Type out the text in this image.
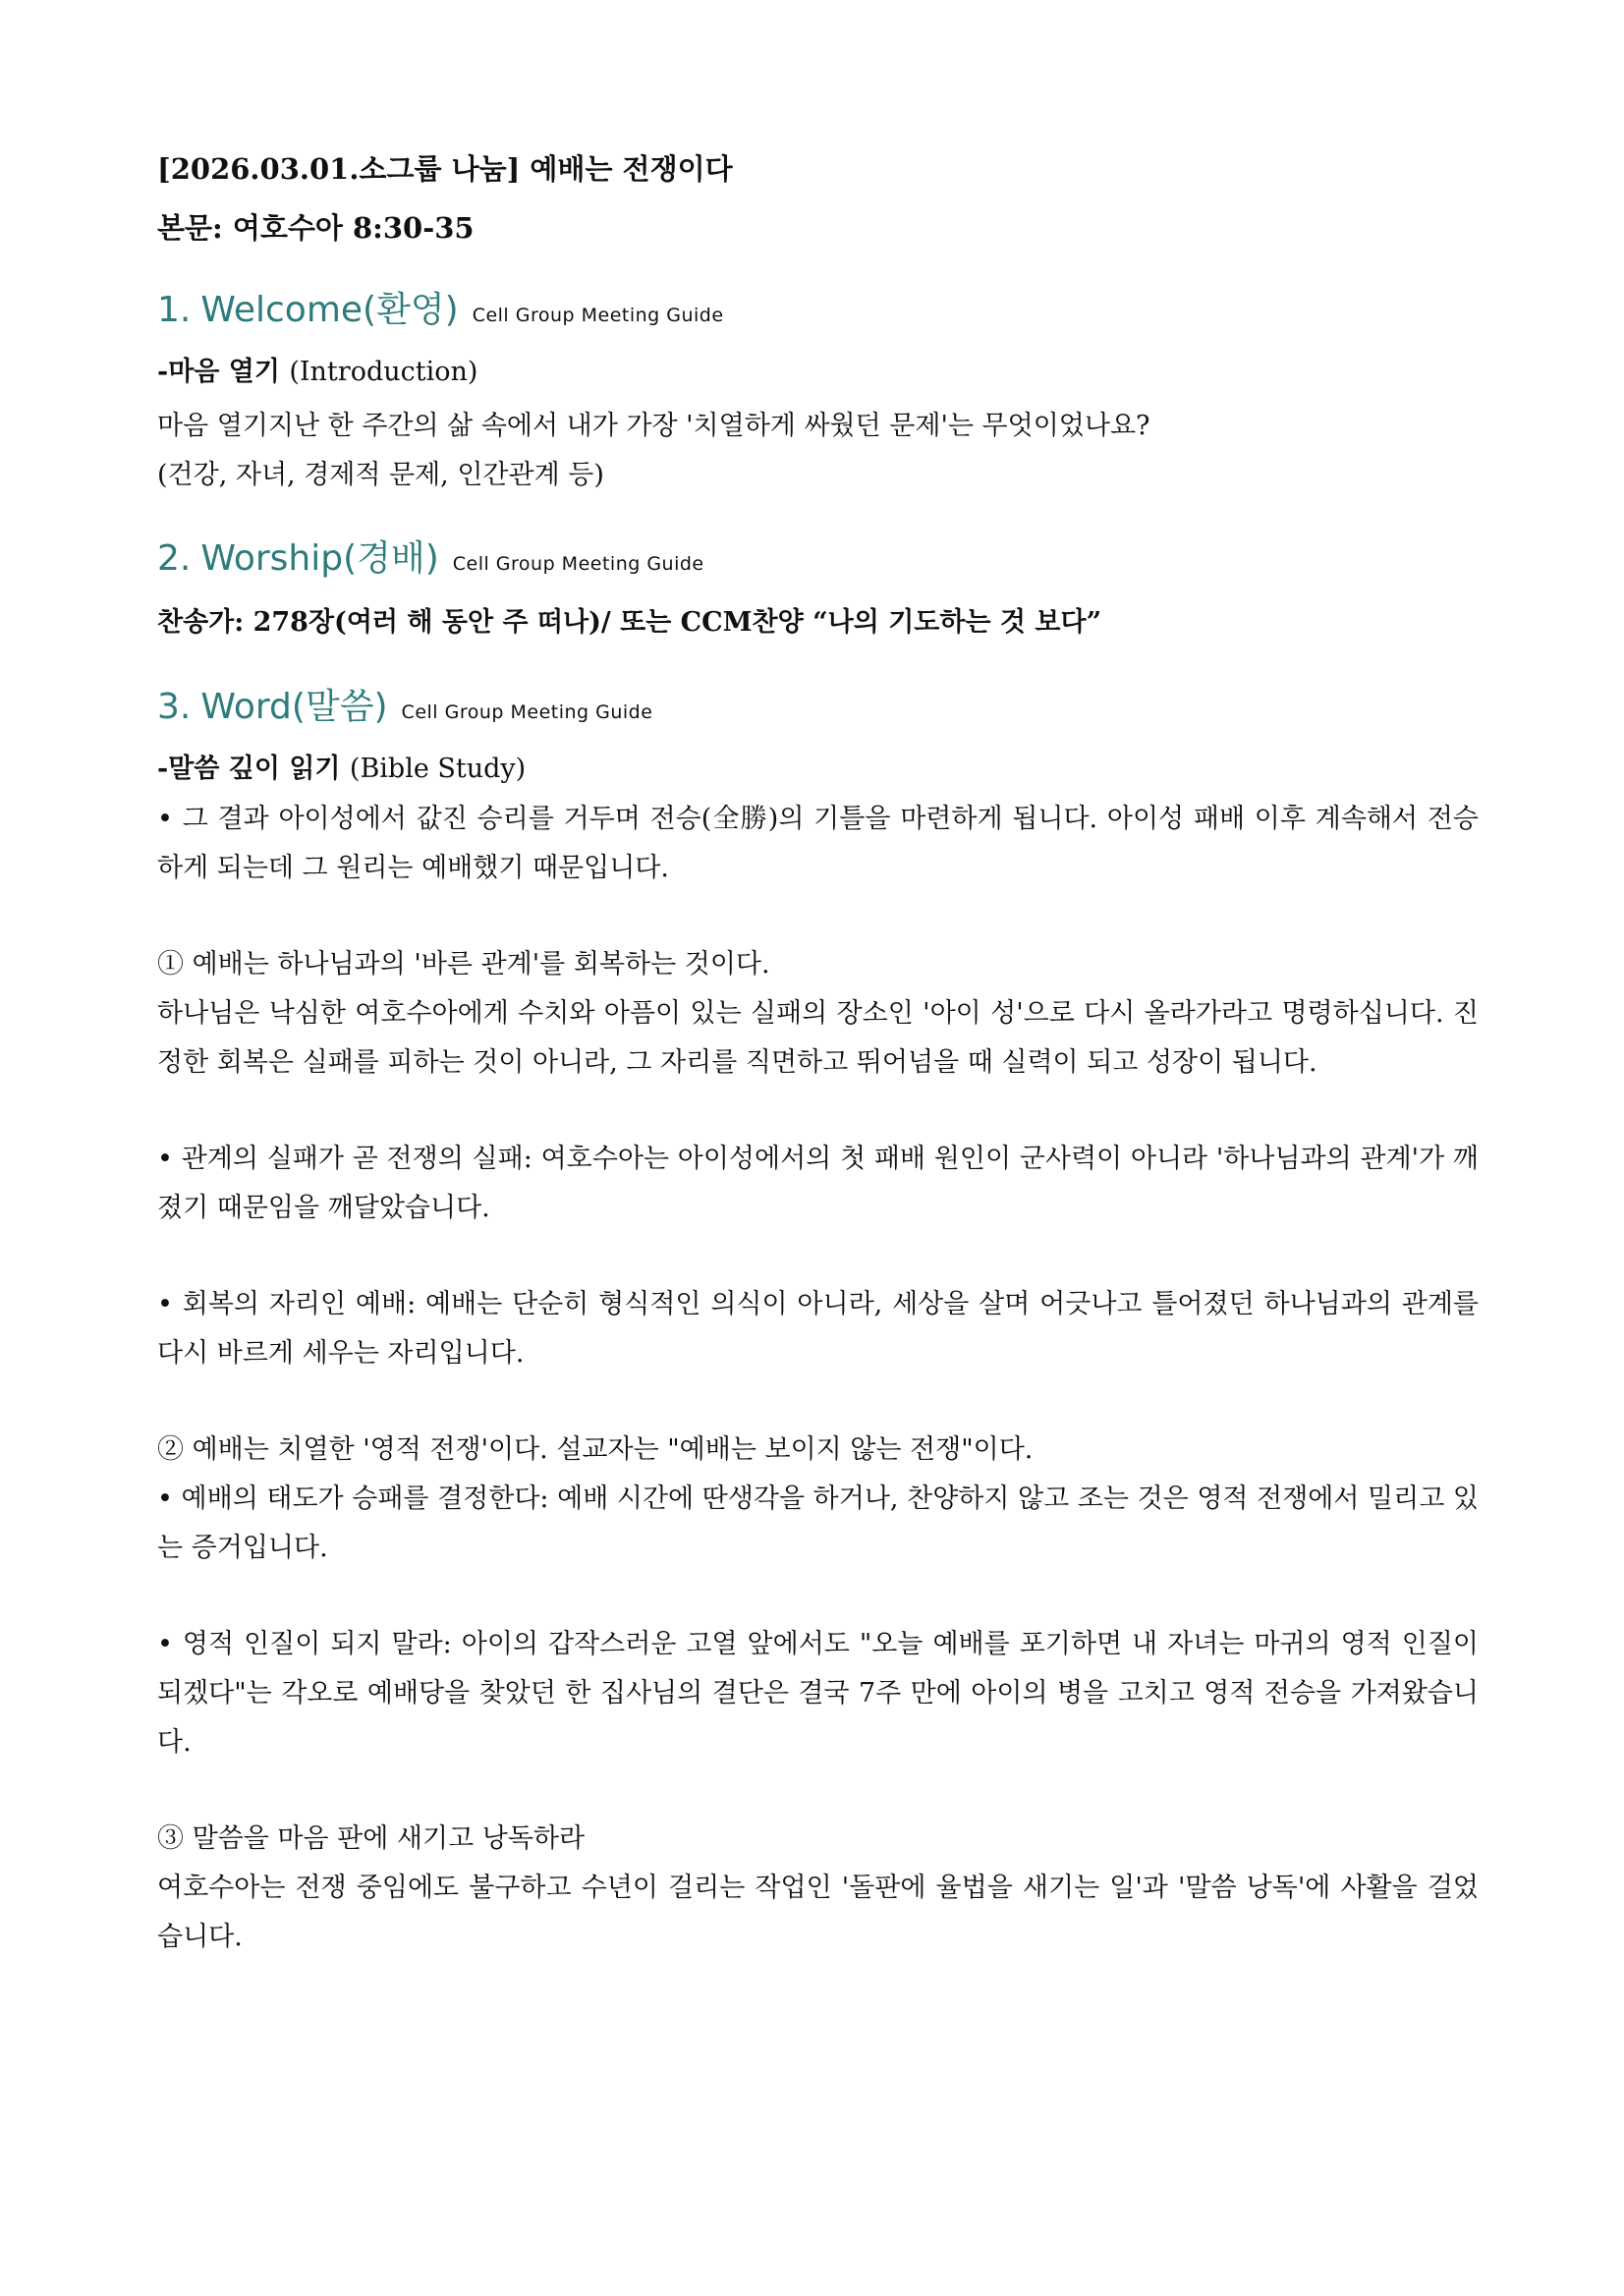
[2026.03.01.소그룹 나눔] 예배는 전쟁이다

본문: 여호수아 8:30-35

1. Welcome(환영) Cell Group Meeting Guide

-마음 열기 (Introduction)

마음 열기지난 한 주간의 삶 속에서 내가 가장 '치열하게 싸웠던 문제'는 무엇이었나요?

(건강, 자녀, 경제적 문제, 인간관계 등)

2. Worship(경배) Cell Group Meeting Guide

찬송가: 278장(여러 해 동안 주 떠나)/ 또는 CCM찬양 “나의 기도하는 것 보다”

3. Word(말씀) Cell Group Meeting Guide

-말씀 깊이 읽기 (Bible Study)

• 그 결과 아이성에서 값진 승리를 거두며 전승(全勝)의 기틀을 마련하게 됩니다. 아이성 패배 이후 계속해서 전승하게 되는데 그 원리는 예배했기 때문입니다.

① 예배는 하나님과의 '바른 관계'를 회복하는 것이다.

하나님은 낙심한 여호수아에게 수치와 아픔이 있는 실패의 장소인 '아이 성'으로 다시 올라가라고 명령하십니다. 진정한 회복은 실패를 피하는 것이 아니라, 그 자리를 직면하고 뛰어넘을 때 실력이 되고 성장이 됩니다.

• 관계의 실패가 곧 전쟁의 실패: 여호수아는 아이성에서의 첫 패배 원인이 군사력이 아니라 '하나님과의 관계'가 깨졌기 때문임을 깨달았습니다.

• 회복의 자리인 예배: 예배는 단순히 형식적인 의식이 아니라, 세상을 살며 어긋나고 틀어졌던 하나님과의 관계를 다시 바르게 세우는 자리입니다.

② 예배는 치열한 '영적 전쟁'이다. 설교자는 "예배는 보이지 않는 전쟁"이다.

• 예배의 태도가 승패를 결정한다: 예배 시간에 딴생각을 하거나, 찬양하지 않고 조는 것은 영적 전쟁에서 밀리고 있는 증거입니다.

• 영적 인질이 되지 말라: 아이의 갑작스러운 고열 앞에서도 "오늘 예배를 포기하면 내 자녀는 마귀의 영적 인질이 되겠다"는 각오로 예배당을 찾았던 한 집사님의 결단은 결국 7주 만에 아이의 병을 고치고 영적 전승을 가져왔습니다.

③ 말씀을 마음 판에 새기고 낭독하라

여호수아는 전쟁 중임에도 불구하고 수년이 걸리는 작업인 '돌판에 율법을 새기는 일'과 '말씀 낭독'에 사활을 걸었습니다.
